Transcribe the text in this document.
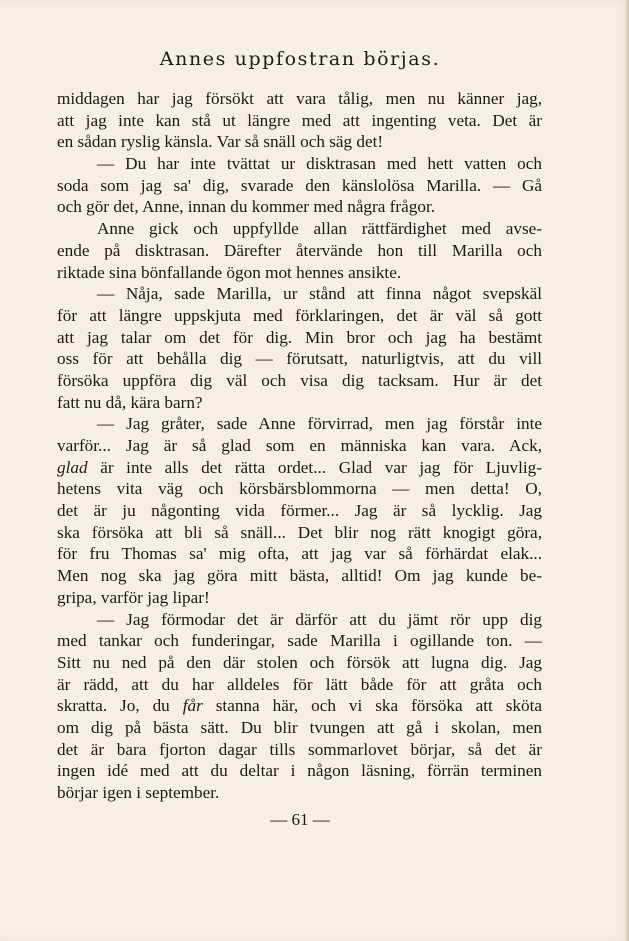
Annes uppfostran börjas.
middagen har jag försökt att vara tålig, men nu känner jag,
att jag inte kan stå ut längre med att ingenting veta. Det är
en sådan ryslig känsla. Var så snäll och säg det!
— Du har inte tvättat ur disktrasan med hett vatten och
soda som jag sa' dig, svarade den känslolösa Marilla. — Gå
och gör det, Anne, innan du kommer med några frågor.
Anne gick och uppfyllde allan rättfärdighet med avse-
ende på disktrasan. Därefter återvände hon till Marilla och
riktade sina bönfallande ögon mot hennes ansikte.
— Nåja, sade Marilla, ur stånd att finna något svepskäl
för att längre uppskjuta med förklaringen, det är väl så gott
att jag talar om det för dig. Min bror och jag ha bestämt
oss för att behålla dig — förutsatt, naturligtvis, att du vill
försöka uppföra dig väl och visa dig tacksam. Hur är det
fatt nu då, kära barn?
— Jag gråter, sade Anne förvirrad, men jag förstår inte
varför... Jag är så glad som en människa kan vara. Ack,
glad är inte alls det rätta ordet... Glad var jag för Ljuvlig-
hetens vita väg och körsbärsblommorna — men detta! O,
det är ju någonting vida förmer... Jag är så lycklig. Jag
ska försöka att bli så snäll... Det blir nog rätt knogigt göra,
för fru Thomas sa' mig ofta, att jag var så förhärdat elak...
Men nog ska jag göra mitt bästa, alltid! Om jag kunde be-
gripa, varför jag lipar!
— Jag förmodar det är därför att du jämt rör upp dig
med tankar och funderingar, sade Marilla i ogillande ton. —
Sitt nu ned på den där stolen och försök att lugna dig. Jag
är rädd, att du har alldeles för lätt både för att gråta och
skratta. Jo, du får stanna här, och vi ska försöka att sköta
om dig på bästa sätt. Du blir tvungen att gå i skolan, men
det är bara fjorton dagar tills sommarlovet börjar, så det är
ingen idé med att du deltar i någon läsning, förrän terminen
börjar igen i september.
— 61 —
